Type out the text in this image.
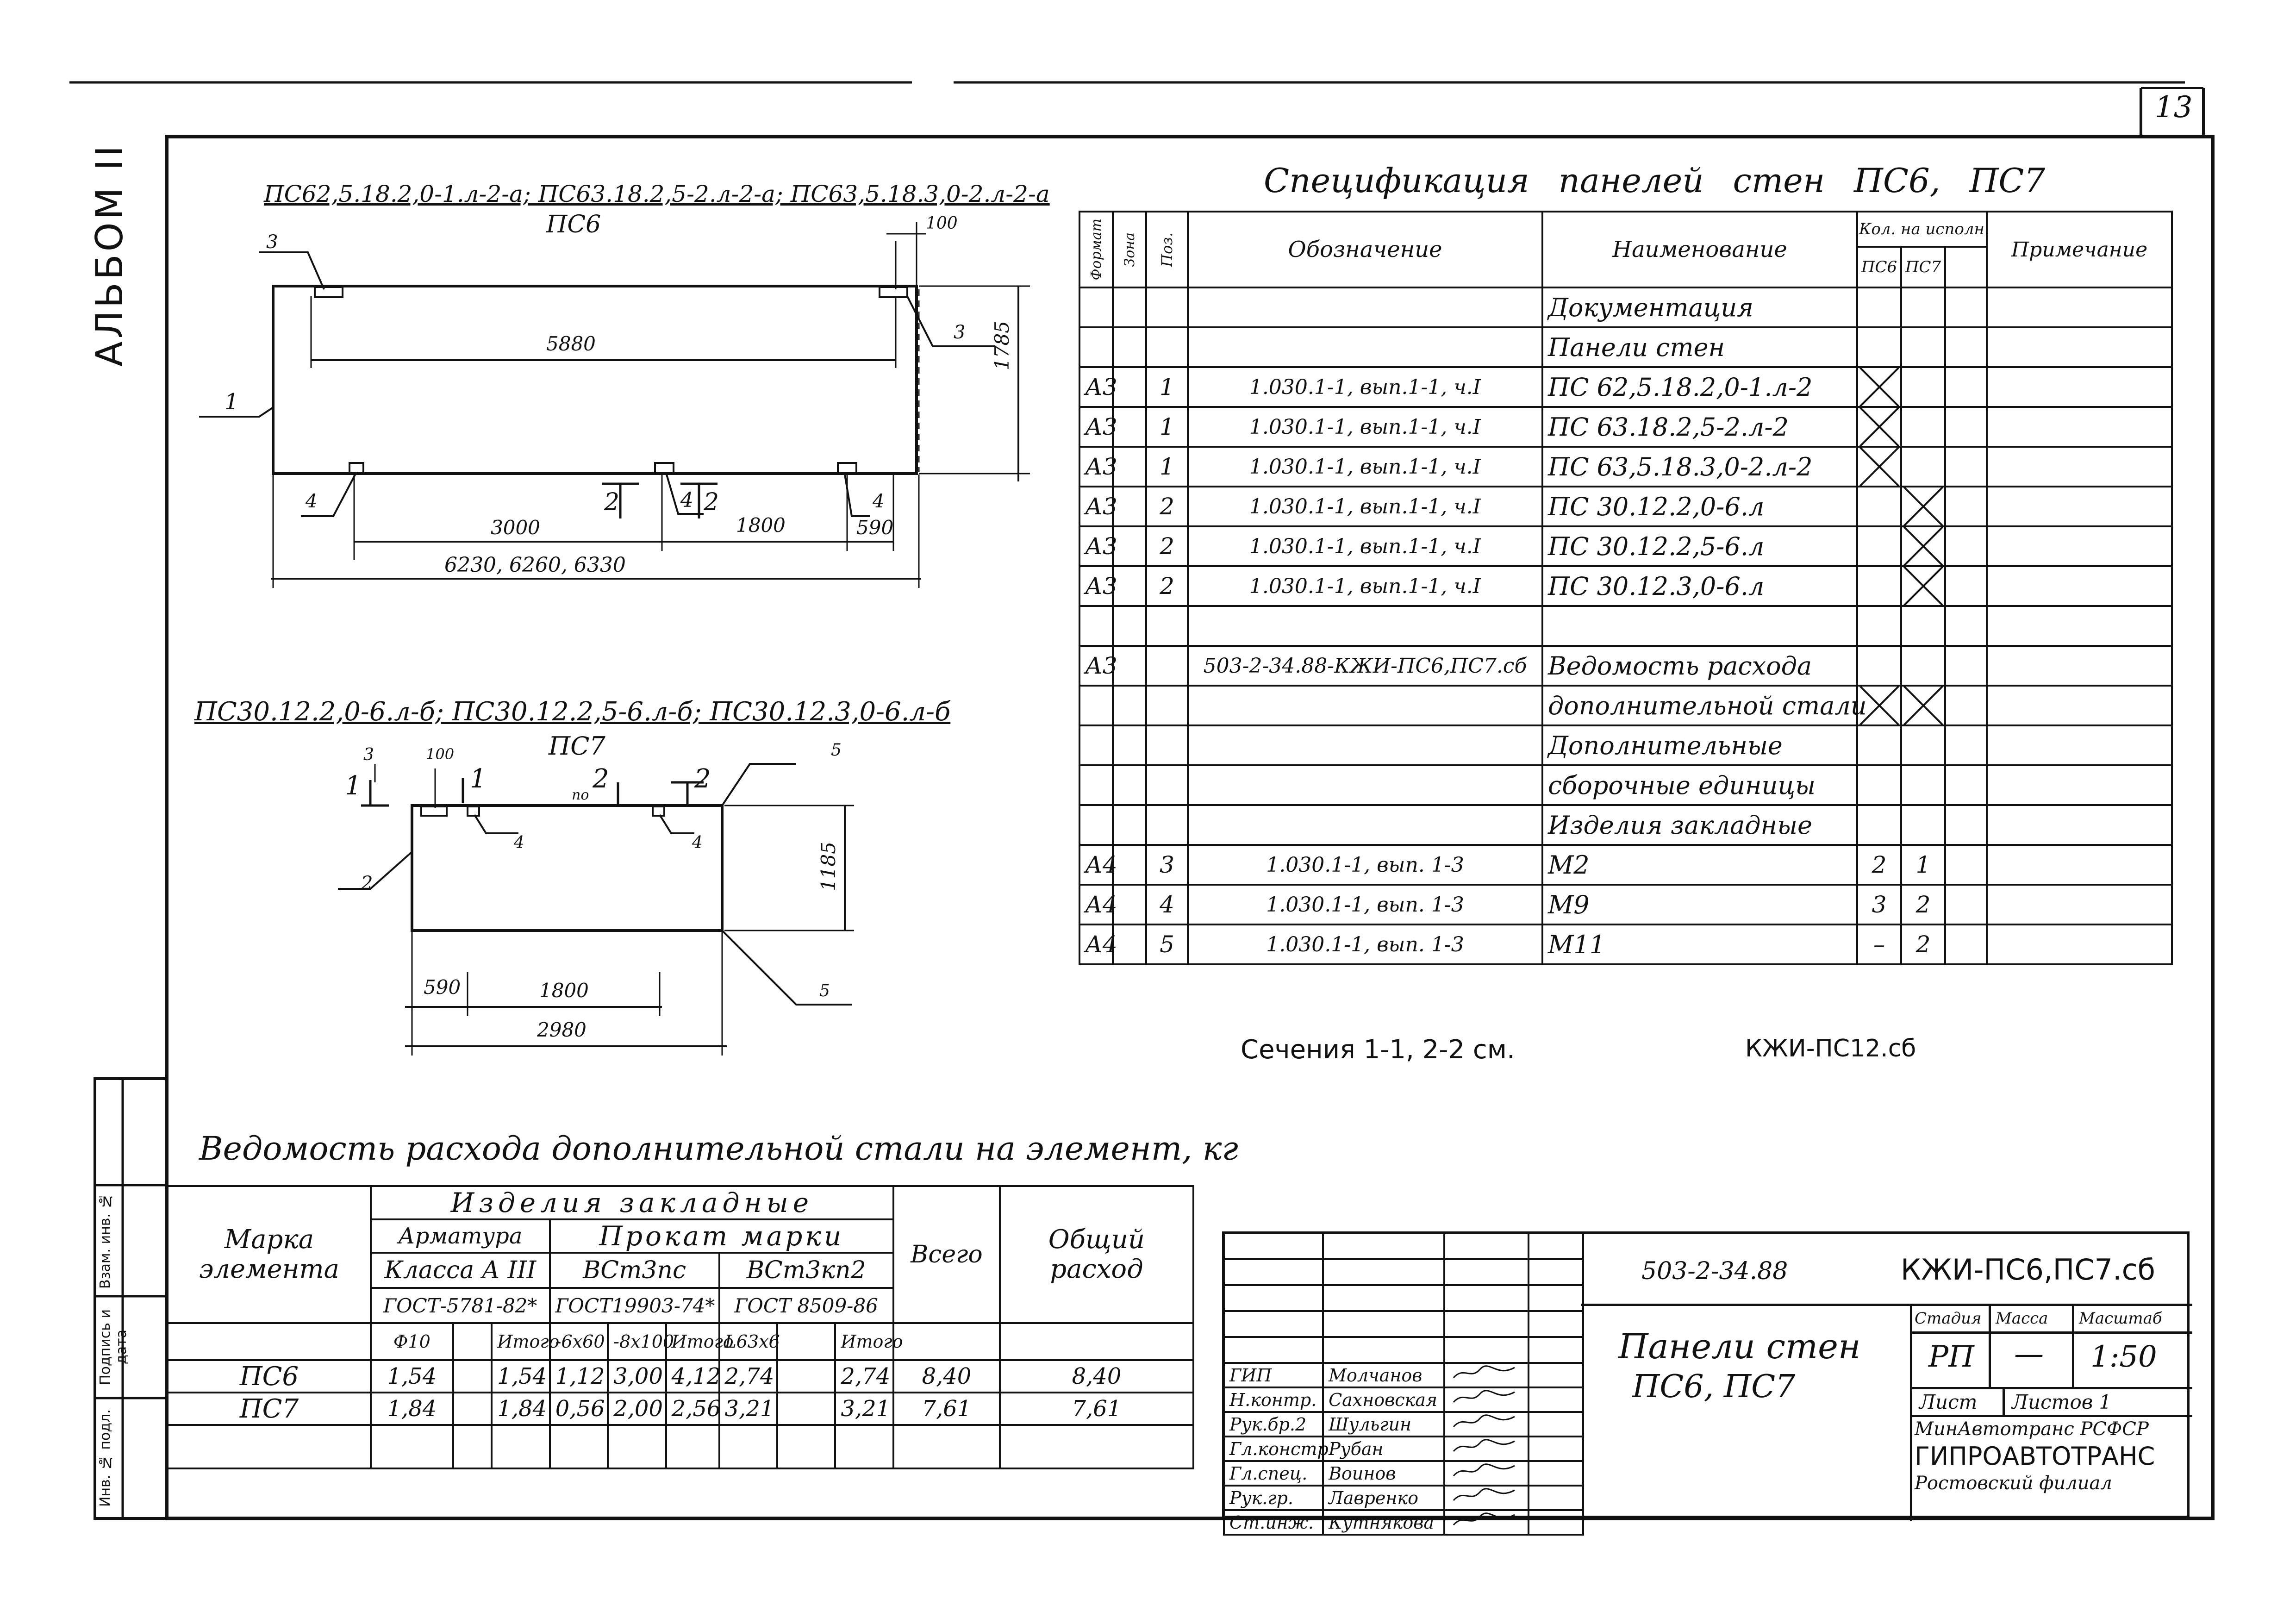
13
АЛЬБОМ II
Инв. № подл.
Подпись и дата
Взам. инв. №
ПС62,5.18.2,0-1.л-2-а; ПС63.18.2,5-2.л-2-а; ПС63,5.18.3,0-2.л-2-а
ПС6
5880	1785
100
3000	1800	590
6230, 6260, 6330
2	4 2
1
3
3
4	4
ПС30.12.2,0-6.л-б; ПС30.12.2,5-6.л-б; ПС30.12.3,0-6.л-б
ПС7
1	1
по
2	2
100
1185
590	1800
2980
2
3
4	4
5
5
Спецификация панелей стен ПС6, ПС7
Формат	Зона	Поз.	Обозначение	Наименование	Кол. на исполн.			Примечание
					ПС6	ПС7		
				Документация				
				Панели стен				
А3		1	1.030.1-1, вып.1-1, ч.I	ПС 62,5.18.2,0-1.л-2				
А3		1	1.030.1-1, вып.1-1, ч.I	ПС 63.18.2,5-2.л-2				
А3		1	1.030.1-1, вып.1-1, ч.I	ПС 63,5.18.3,0-2.л-2				
А3		2	1.030.1-1, вып.1-1, ч.I	ПС 30.12.2,0-6.л				
А3		2	1.030.1-1, вып.1-1, ч.I	ПС 30.12.2,5-6.л				
А3		2	1.030.1-1, вып.1-1, ч.I	ПС 30.12.3,0-6.л				

А3			503-2-34.88-КЖИ-ПС6,ПС7.сб	Ведомость расхода				
				дополнительной стали				
				Дополнительные				
				сборочные единицы				
				Изделия закладные				
А4		3	1.030.1-1, вып. 1-3	М2	2	1		
А4		4	1.030.1-1, вып. 1-3	М9	3	2		
А4		5	1.030.1-1, вып. 1-3	М11	–	2		
Сечения 1-1, 2-2 см.	КЖИ-ПС12.сб
Ведомость расхода дополнительной стали на элемент, кг
Марка элемента	Изделия закладные									Всего	Общий расход
	Арматура			Прокат марки							
	Класса А III			ВСт3пс			ВСт3кп2				
	ГОСТ-5781-82*			ГОСТ19903-74*			ГОСТ 8509-86				
	Ф10		Итого	-6х60	-8х100	Итого	L63х6		Итого		
ПС6	1,54		1,54	1,12	3,00	4,12	2,74		2,74	8,40	8,40
ПС7	1,84		1,84	0,56	2,00	2,56	3,21		3,21	7,61	7,61

ГИП	Молчанов		
Н.контр.	Сахновская		
Рук.бр.2	Шульгин		
Гл.констр	Рубан		
Гл.спец.	Воинов		
Рук.гр.	Лавренко		
Ст.инж.	Кутнякова		
503-2-34.88	КЖИ-ПС6,ПС7.сб
Панели стен
ПС6, ПС7
Стадия Масса Масштаб
РП — 1:50
Лист Листов 1
МинАвтотранс РСФСР
ГИПРОАВТОТРАНС
Ростовский филиал
